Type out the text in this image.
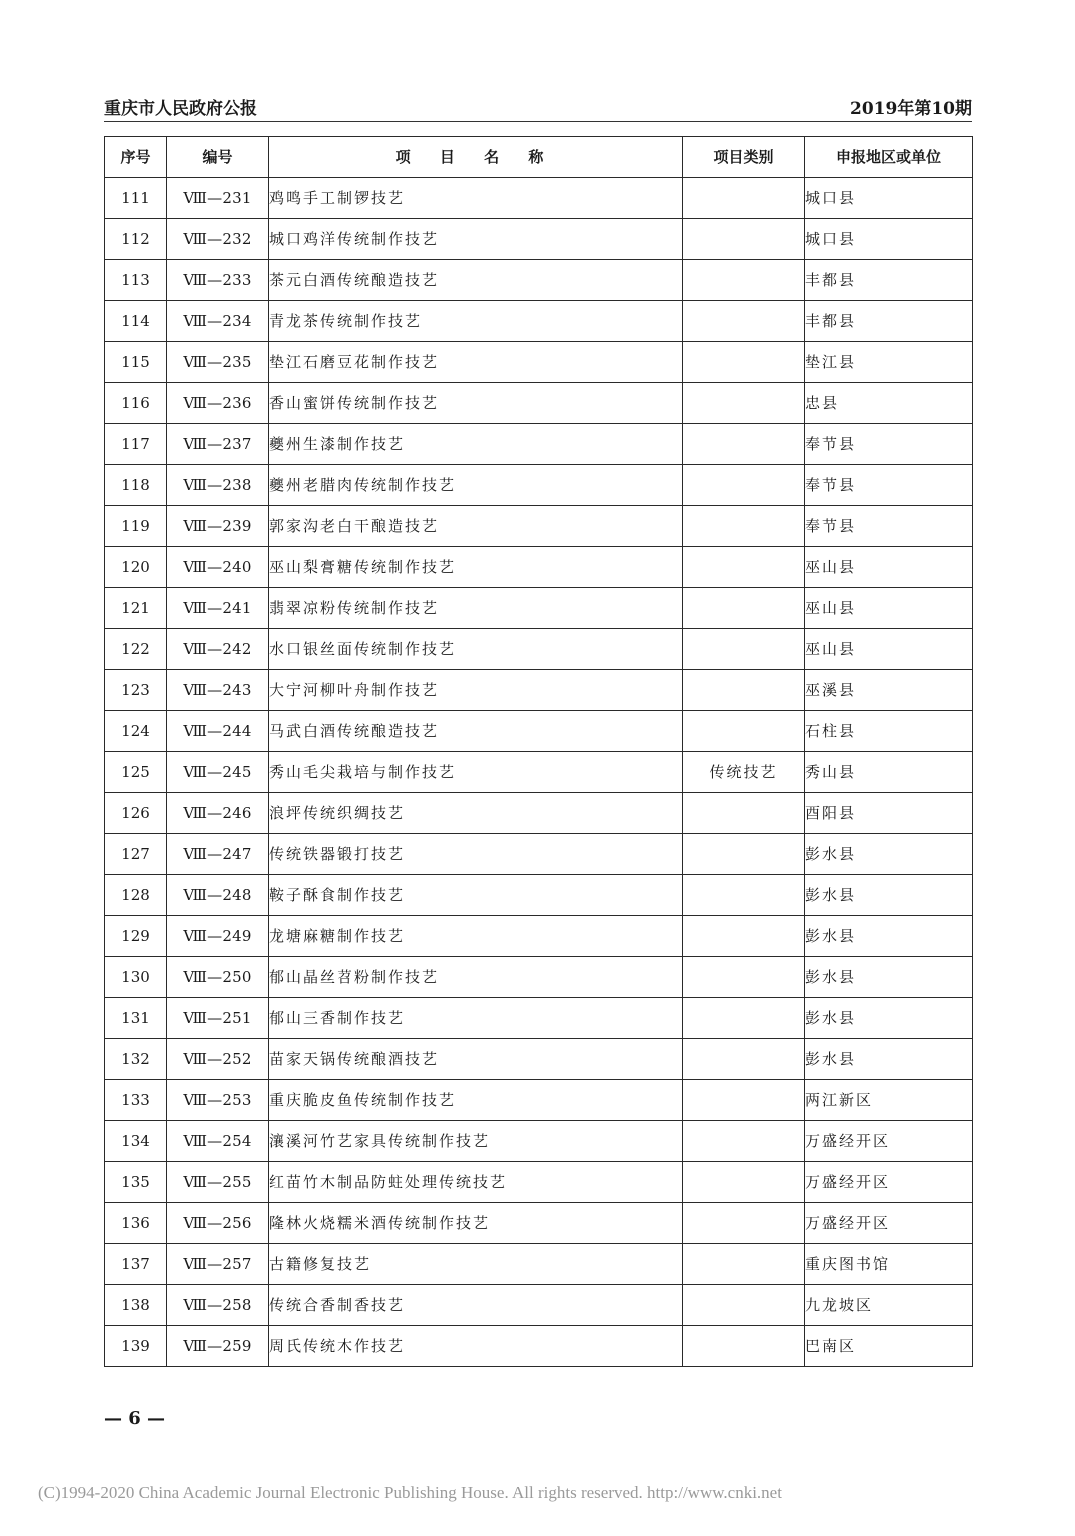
重庆市人民政府公报	2019年第10期
序号	编号	项 目 名 称	项目类别	申报地区或单位
111	Ⅷ—231	鸡鸣手工制锣技艺		城口县
112	Ⅷ—232	城口鸡洋传统制作技艺		城口县
113	Ⅷ—233	茶元白酒传统酿造技艺		丰都县
114	Ⅷ—234	青龙茶传统制作技艺		丰都县
115	Ⅷ—235	垫江石磨豆花制作技艺		垫江县
116	Ⅷ—236	香山蜜饼传统制作技艺		忠县
117	Ⅷ—237	夔州生漆制作技艺		奉节县
118	Ⅷ—238	夔州老腊肉传统制作技艺		奉节县
119	Ⅷ—239	郭家沟老白干酿造技艺		奉节县
120	Ⅷ—240	巫山梨膏糖传统制作技艺		巫山县
121	Ⅷ—241	翡翠凉粉传统制作技艺		巫山县
122	Ⅷ—242	水口银丝面传统制作技艺		巫山县
123	Ⅷ—243	大宁河柳叶舟制作技艺		巫溪县
124	Ⅷ—244	马武白酒传统酿造技艺		石柱县
125	Ⅷ—245	秀山毛尖栽培与制作技艺	传统技艺	秀山县
126	Ⅷ—246	浪坪传统织绸技艺		酉阳县
127	Ⅷ—247	传统铁器锻打技艺		彭水县
128	Ⅷ—248	鞍子酥食制作技艺		彭水县
129	Ⅷ—249	龙塘麻糖制作技艺		彭水县
130	Ⅷ—250	郁山晶丝苕粉制作技艺		彭水县
131	Ⅷ—251	郁山三香制作技艺		彭水县
132	Ⅷ—252	苗家天锅传统酿酒技艺		彭水县
133	Ⅷ—253	重庆脆皮鱼传统制作技艺		两江新区
134	Ⅷ—254	瀼溪河竹艺家具传统制作技艺		万盛经开区
135	Ⅷ—255	红苗竹木制品防蛀处理传统技艺		万盛经开区
136	Ⅷ—256	隆林火烧糯米酒传统制作技艺		万盛经开区
137	Ⅷ—257	古籍修复技艺		重庆图书馆
138	Ⅷ—258	传统合香制香技艺		九龙坡区
139	Ⅷ—259	周氏传统木作技艺		巴南区
— 6 —
(C)1994-2020 China Academic Journal Electronic Publishing House. All rights reserved. http://www.cnki.net
